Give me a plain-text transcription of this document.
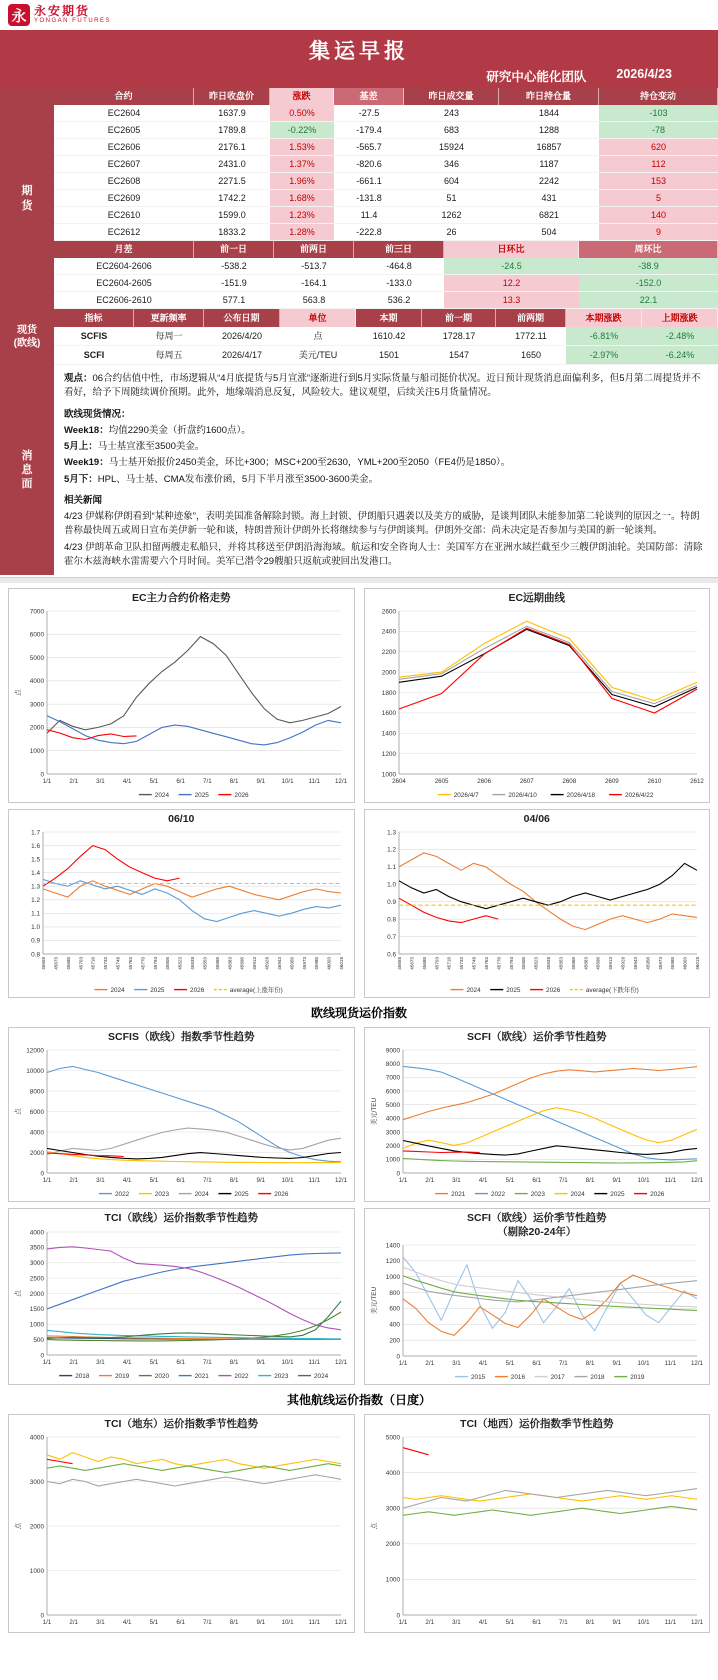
永 永安期货
YONGAN FUTURES
集运早报
研究中心能化团队 2026/4/23
期
货
合约	昨日收盘价	涨跌	基差	昨日成交量	昨日持仓量	持仓变动
EC2604	1637.9	0.50%	-27.5	243	1844	-103
EC2605	1789.8	-0.22%	-179.4	683	1288	-78
EC2606	2176.1	1.53%	-565.7	15924	16857	620
EC2607	2431.0	1.37%	-820.6	346	1187	112
EC2608	2271.5	1.96%	-661.1	604	2242	153
EC2609	1742.2	1.68%	-131.8	51	431	5
EC2610	1599.0	1.23%	11.4	1262	6821	140
EC2612	1833.2	1.28%	-222.8	26	504	9
月差	前一日	前两日	前三日	日环比	周环比
EC2604-2606	-538.2	-513.7	-464.8	-24.5	-38.9
EC2604-2605	-151.9	-164.1	-133.0	12.2	-152.0
EC2606-2610	577.1	563.8	536.2	13.3	22.1
现货
(欧线)
指标	更新频率	公布日期	单位	本期	前一期	前两期	本期涨跌	上期涨跌
SCFIS	每周一	2026/4/20	点	1610.42	1728.17	1772.11	-6.81%	-2.48%
SCFI	每周五	2026/4/17	美元/TEU	1501	1547	1650	-2.97%	-6.24%
消
息
面

观点：06合约估值中性，市场逻辑从“4月底提货与5月宣涨”逐渐进行到5月实际货量与船司挺价状况。近日预计现货消息面偏利多，但5月第二周提货并不看好，给予下周随续调价预期。此外，地缘端消息反复，风险较大。建议观望，后续关注5月货量情况。

欧线现货情况：

Week18：均值2290美金（折盘约1600点）。

5月上：马士基宣涨至3500美金。

Week19：马士基开始报价2450美金，环比+300；MSC+200至2630，YML+200至2050（FE4仍是1850）。

5月下：HPL、马士基、CMA发布涨价函，5月下半月涨至3500-3600美金。

相关新闻

4/23 伊媒称伊朗看到“某种迹象”，表明美国准备解除封锁。海上封锁、伊朗船只遇袭以及美方的威胁，是谈判团队未能参加第二轮谈判的原因之一。特朗普称最快周五或周日宣布美伊新一轮和谈，特朗普预计伊朗外长将继续参与与伊朗谈判。伊朗外交部：尚未决定是否参加与美国的新一轮谈判。

4/23 伊朗革命卫队扣留两艘走私船只，并将其移送至伊朗沿海海域。航运和安全咨询人士：美国军方在亚洲水域拦截至少三艘伊朗油轮。美国防部：清除霍尔木兹海峡水雷需要六个月时间。美军已潜令29艘船只返航或驶回出发港口。

EC主力合约价格走势
0
1000
2000
3000
4000
5000
6000
7000
1/1	2/1	3/1	4/1	5/1	6/1	7/1	8/1	9/1	10/1 11/1 12/1
点
2024	2025	2026
EC远期曲线
1000
1200
1400
1600
1800
2000
2200
2400
2600
2604	2605	2606	2607	2608	2609	2610	2612
2026/4/7	2026/4/10	2026/4/18	2026/4/22
06/10
0.8
0.9
1.0
1.1
1.2
1.3
1.4
1.5
1.6
1.7
45658 45673 45688 45703 45718 45733 45748 45763 45778 45793 45808 45823 45838 45853 45868 45883 45898 45913 45928 45943 45958 45973 45988 46003 46018
2024	2025	2026	average(上涨年份)
04/06
0.6
0.7
0.8
0.9
1.0
1.1
1.2
1.3
45658 45673 45688 45703 45718 45733 45748 45763 45778 45793 45808 45823 45838 45853 45868 45883 45898 45913 45928 45943 45958 45973 45988 46003 46018
2024	2025	2026	average(下跌年份)
欧线现货运价指数
SCFIS（欧线）指数季节性趋势
0
2000
4000
6000
8000
10000
12000
1/1	2/1	3/1	4/1	5/1	6/1	7/1	8/1	9/1	10/1 11/1 12/1
点
2022	2023	2024	2025	2026
SCFI（欧线）运价季节性趋势
0
1000
2000
3000
4000
5000
6000
7000
8000
9000
1/1	2/1	3/1	4/1	5/1	6/1	7/1	8/1	9/1	10/1 11/1 12/1
美元/TEU
2021	2022	2023	2024	2025	2026
TCI（欧线）运价指数季节性趋势
0
500
1000
1500
2000
2500
3000
3500
4000
1/1	2/1	3/1	4/1	5/1	6/1	7/1	8/1	9/1	10/1 11/1 12/1
点
2018	2019	2020	2021	2022	2023	2024
SCFI（欧线）运价季节性趋势
（剔除20-24年）
0
200
400
600
800
1000
1200
1400
1/1	2/1	3/1	4/1	5/1	6/1	7/1	8/1	9/1	10/1 11/1 12/1
美元/TEU
2015	2016	2017	2018	2019
其他航线运价指数（日度）
TCI（地东）运价指数季节性趋势
0
1000
2000
3000
4000
1/1	2/1	3/1	4/1	5/1	6/1	7/1	8/1	9/1	10/1 11/1 12/1
点
TCI（地西）运价指数季节性趋势
0
1000
2000
3000
4000
5000
1/1	2/1	3/1	4/1	5/1	6/1	7/1	8/1	9/1	10/1 11/1 12/1
点
